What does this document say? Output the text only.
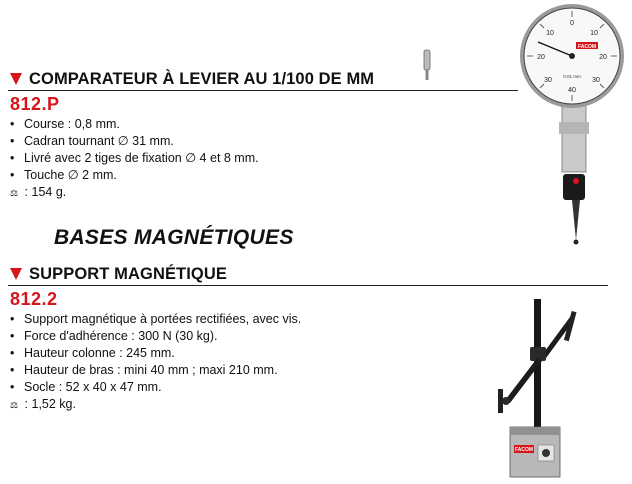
COMPARATEUR À LEVIER AU 1/100 DE MM
812.P
• Course : 0,8 mm.
• Cadran tournant ∅ 31 mm.
• Livré avec 2 tiges de fixation ∅ 4 et 8 mm.
• Touche ∅ 2 mm.
⚖ : 154 g.
0
10	10
20	20
30	30
40
FACOM
0.01 mm
BASES MAGNÉTIQUES
SUPPORT MAGNÉTIQUE
812.2
• Support magnétique à portées rectifiées, avec vis.
• Force d'adhérence : 300 N (30 kg).
• Hauteur colonne : 245 mm.
• Hauteur de bras : mini 40 mm ; maxi 210 mm.
• Socle : 52 x 40 x 47 mm.
⚖ : 1,52 kg.
FACOM
